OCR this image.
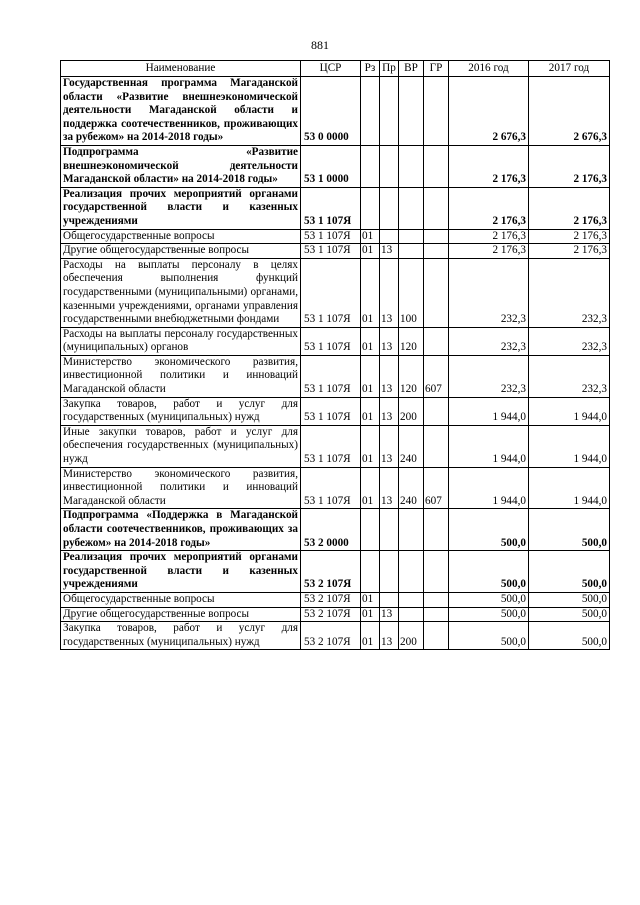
881
Наименование	ЦСР	Рз	Пр	ВР	ГР	2016 год	2017 год
Государственная программа Магаданской области «Развитие внешнеэкономической деятельности Магаданской области и поддержка соотечественников, проживающих за рубежом» на 2014-2018 годы»	53 0 0000					2 676,3	2 676,3
Подпрограмма «Развитие внешнеэкономической деятельности Магаданской области» на 2014-2018 годы»	53 1 0000					2 176,3	2 176,3
Реализация прочих мероприятий органами государственной власти и казенных учреждениями	53 1 107Я					2 176,3	2 176,3
Общегосударственные вопросы	53 1 107Я	01				2 176,3	2 176,3
Другие общегосударственные вопросы	53 1 107Я	01	13			2 176,3	2 176,3
Расходы на выплаты персоналу в целях обеспечения выполнения функций государственными (муниципальными) органами, казенными учреждениями, органами управления государственными внебюджетными фондами	53 1 107Я	01	13	100		232,3	232,3
Расходы на выплаты персоналу государственных (муниципальных) органов	53 1 107Я	01	13	120		232,3	232,3
Министерство экономического развития, инвестиционной политики и инноваций Магаданской области	53 1 107Я	01	13	120	607	232,3	232,3
Закупка товаров, работ и услуг для государственных (муниципальных) нужд	53 1 107Я	01	13	200		1 944,0	1 944,0
Иные закупки товаров, работ и услуг для обеспечения государственных (муниципальных) нужд	53 1 107Я	01	13	240		1 944,0	1 944,0
Министерство экономического развития, инвестиционной политики и инноваций Магаданской области	53 1 107Я	01	13	240	607	1 944,0	1 944,0
Подпрограмма «Поддержка в Магаданской области соотечественников, проживающих за рубежом» на 2014-2018 годы»	53 2 0000					500,0	500,0
Реализация прочих мероприятий органами государственной власти и казенных учреждениями	53 2 107Я					500,0	500,0
Общегосударственные вопросы	53 2 107Я	01				500,0	500,0
Другие общегосударственные вопросы	53 2 107Я	01	13			500,0	500,0
Закупка товаров, работ и услуг для государственных (муниципальных) нужд	53 2 107Я	01	13	200		500,0	500,0
